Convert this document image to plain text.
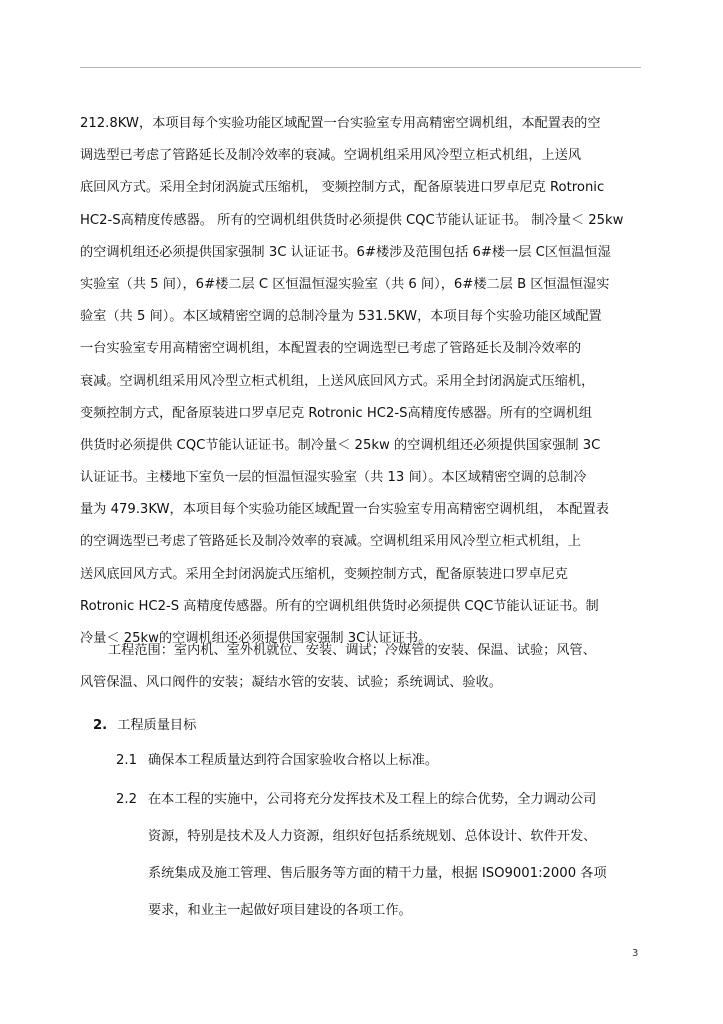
212.8KW，本项目每个实验功能区域配置一台实验室专用高精密空调机组，本配置表的空
调选型已考虑了管路延长及制冷效率的衰减。空调机组采用风冷型立柜式机组，上送风
底回风方式。采用全封闭涡旋式压缩机， 变频控制方式，配备原装进口罗卓尼克 Rotronic
HC2-S高精度传感器。 所有的空调机组供货时必须提供 CQC节能认证证书。 制冷量＜ 25kw
的空调机组还必须提供国家强制 3C 认证证书。6#楼涉及范围包括 6#楼一层 C区恒温恒湿
实验室（共 5 间），6#楼二层 C 区恒温恒湿实验室（共 6 间），6#楼二层 B 区恒温恒湿实
验室（共 5 间）。本区域精密空调的总制冷量为 531.5KW，本项目每个实验功能区域配置
一台实验室专用高精密空调机组，本配置表的空调选型已考虑了管路延长及制冷效率的
衰减。空调机组采用风冷型立柜式机组，上送风底回风方式。采用全封闭涡旋式压缩机，
变频控制方式，配备原装进口罗卓尼克 Rotronic HC2-S高精度传感器。所有的空调机组
供货时必须提供 CQC节能认证证书。制冷量＜ 25kw 的空调机组还必须提供国家强制 3C
认证证书。主楼地下室负一层的恒温恒湿实验室（共 13 间）。本区域精密空调的总制冷
量为 479.3KW，本项目每个实验功能区域配置一台实验室专用高精密空调机组， 本配置表
的空调选型已考虑了管路延长及制冷效率的衰减。空调机组采用风冷型立柜式机组，上
送风底回风方式。采用全封闭涡旋式压缩机，变频控制方式，配备原装进口罗卓尼克
Rotronic HC2-S 高精度传感器。所有的空调机组供货时必须提供 CQC节能认证证书。制
冷量＜ 25kw的空调机组还必须提供国家强制 3C认证证书。
工程范围：室内机、室外机就位、安装、调试；冷媒管的安装、保温、试验；风管、
风管保温、风口阀件的安装；凝结水管的安装、试验；系统调试、验收。
2. 工程质量目标
2.1 确保本工程质量达到符合国家验收合格以上标准。
2.2 在本工程的实施中，公司将充分发挥技术及工程上的综合优势，全力调动公司
资源，特别是技术及人力资源，组织好包括系统规划、总体设计、软件开发、
系统集成及施工管理、售后服务等方面的精干力量，根据 ISO9001:2000 各项
要求，和业主一起做好项目建设的各项工作。
3
